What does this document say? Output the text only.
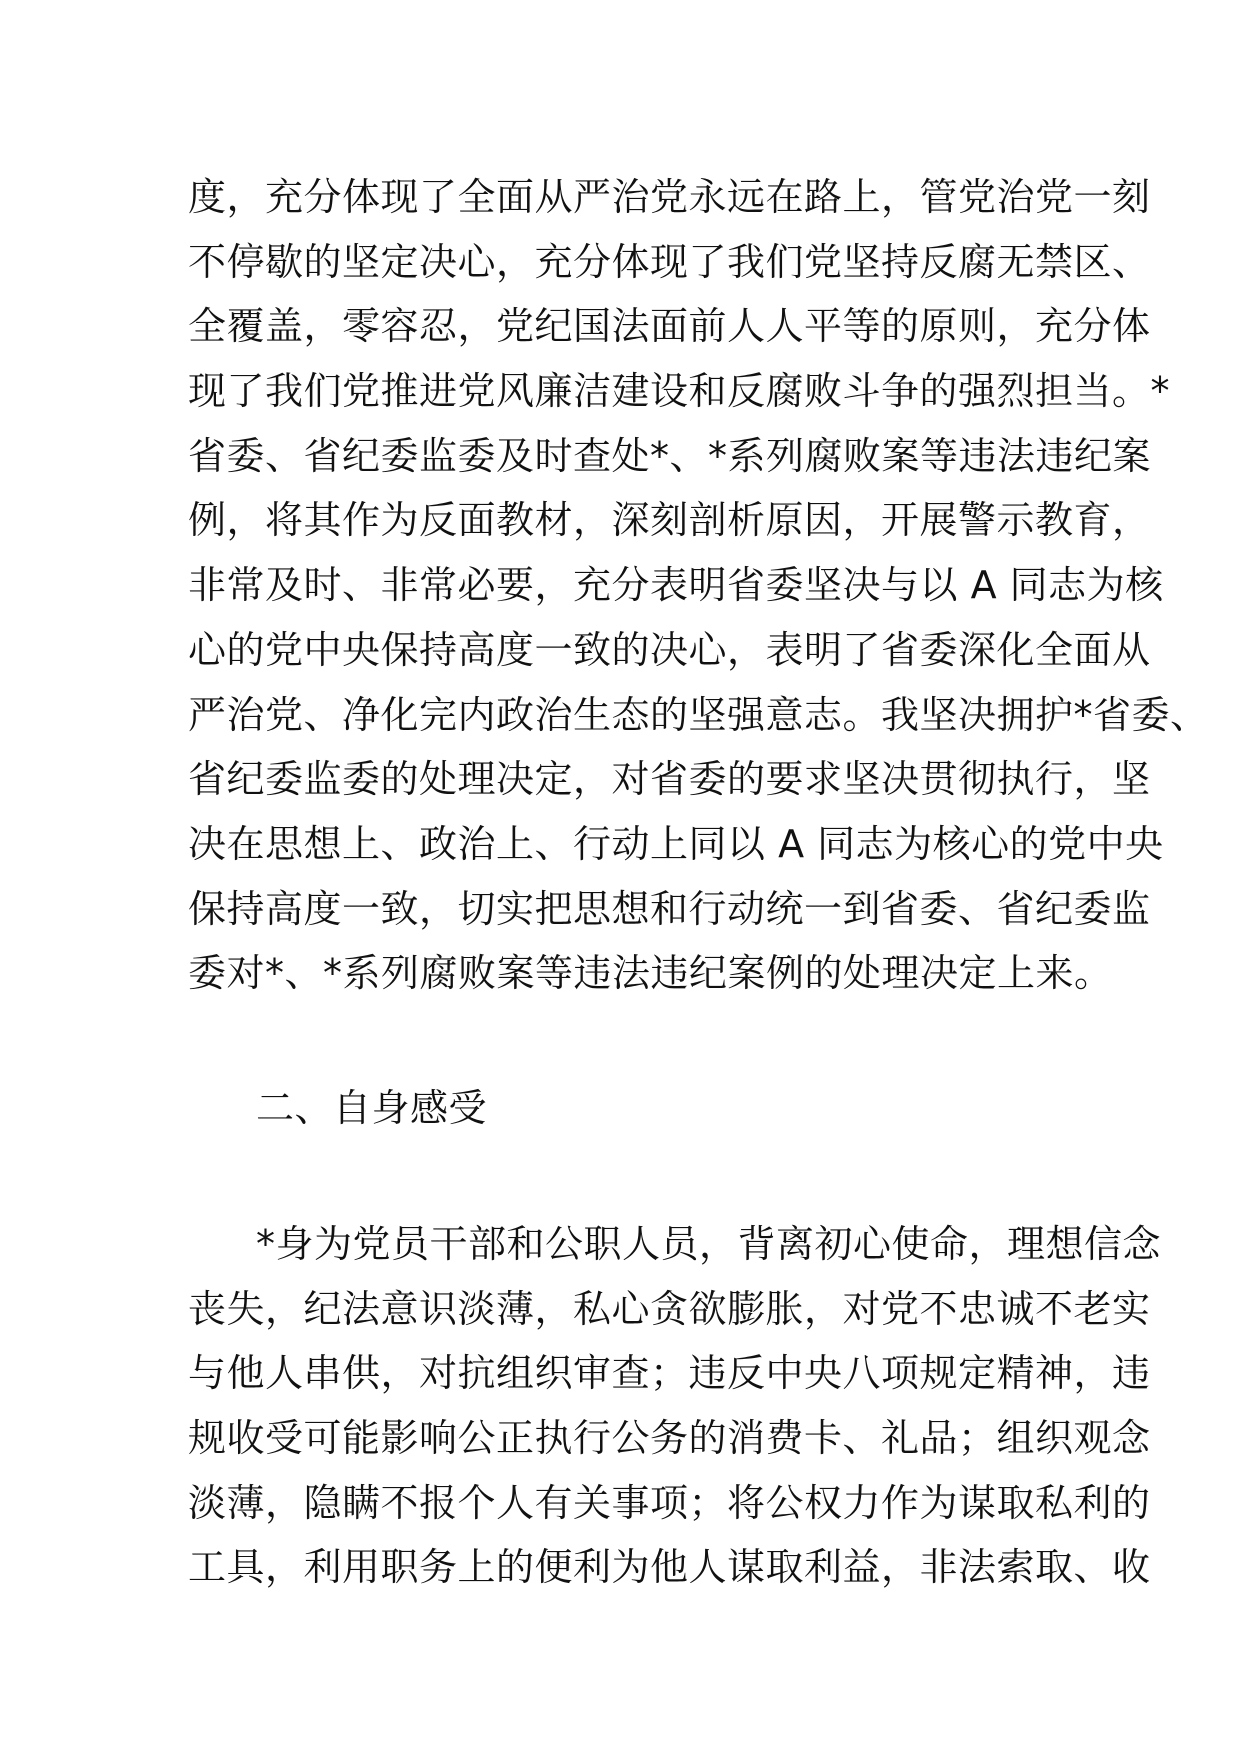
度，充分体现了全面从严治党永远在路上，管党治党一刻
不停歇的坚定决心，充分体现了我们党坚持反腐无禁区、
全覆盖，零容忍，党纪国法面前人人平等的原则，充分体
现了我们党推进党风廉洁建设和反腐败斗争的强烈担当。*
省委、省纪委监委及时查处*、*系列腐败案等违法违纪案
例，将其作为反面教材，深刻剖析原因，开展警示教育，
非常及时、非常必要，充分表明省委坚决与以 A 同志为核
心的党中央保持高度一致的决心，表明了省委深化全面从
严治党、净化完内政治生态的坚强意志。我坚决拥护*省委、
省纪委监委的处理决定，对省委的要求坚决贯彻执行，坚
决在思想上、政治上、行动上同以 A 同志为核心的党中央
保持高度一致，切实把思想和行动统一到省委、省纪委监
委对*、*系列腐败案等违法违纪案例的处理决定上来。
二、自身感受
*身为党员干部和公职人员，背离初心使命，理想信念
丧失，纪法意识淡薄，私心贪欲膨胀，对党不忠诚不老实
与他人串供，对抗组织审查；违反中央八项规定精神，违
规收受可能影响公正执行公务的消费卡、礼品；组织观念
淡薄，隐瞒不报个人有关事项；将公权力作为谋取私利的
工具，利用职务上的便利为他人谋取利益，非法索取、收
